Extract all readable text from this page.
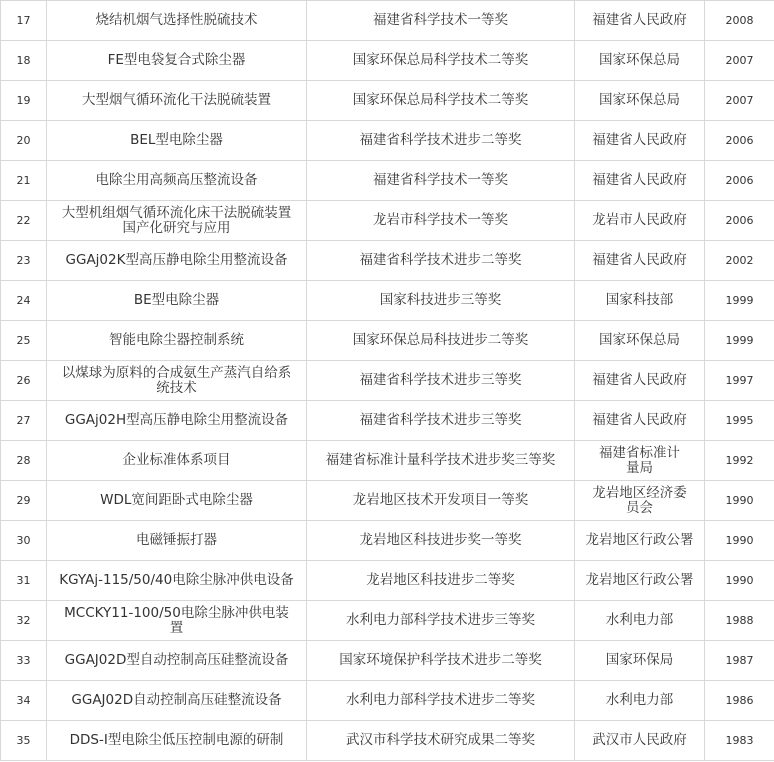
17	烧结机烟气选择性脱硫技术	福建省科学技术一等奖	福建省人民政府	2008
18	FE型电袋复合式除尘器	国家环保总局科学技术二等奖	国家环保总局	2007
19	大型烟气循环流化干法脱硫装置	国家环保总局科学技术二等奖	国家环保总局	2007
20	BEL型电除尘器	福建省科学技术进步二等奖	福建省人民政府	2006
21	电除尘用高频高压整流设备	福建省科学技术一等奖	福建省人民政府	2006
22	大型机组烟气循环流化床干法脱硫装置国产化研究与应用	龙岩市科学技术一等奖	龙岩市人民政府	2006
23	GGAj02K型高压静电除尘用整流设备	福建省科学技术进步二等奖	福建省人民政府	2002
24	BE型电除尘器	国家科技进步三等奖	国家科技部	1999
25	智能电除尘器控制系统	国家环保总局科技进步二等奖	国家环保总局	1999
26	以煤球为原料的合成氨生产蒸汽自给系统技术	福建省科学技术进步三等奖	福建省人民政府	1997
27	GGAj02H型高压静电除尘用整流设备	福建省科学技术进步三等奖	福建省人民政府	1995
28	企业标准体系项目	福建省标准计量科学技术进步奖三等奖	福建省标准计量局	1992
29	WDL宽间距卧式电除尘器	龙岩地区技术开发项目一等奖	龙岩地区经济委员会	1990
30	电磁锤振打器	龙岩地区科技进步奖一等奖	龙岩地区行政公署	1990
31	KGYAj-115/50/40电除尘脉冲供电设备	龙岩地区科技进步二等奖	龙岩地区行政公署	1990
32	MCCKY11-100/50电除尘脉冲供电装置	水利电力部科学技术进步三等奖	水利电力部	1988
33	GGAJ02D型自动控制高压硅整流设备	国家环境保护科学技术进步二等奖	国家环保局	1987
34	GGAJ02D自动控制高压硅整流设备	水利电力部科学技术进步二等奖	水利电力部	1986
35	DDS-I型电除尘低压控制电源的研制	武汉市科学技术研究成果二等奖	武汉市人民政府	1983
